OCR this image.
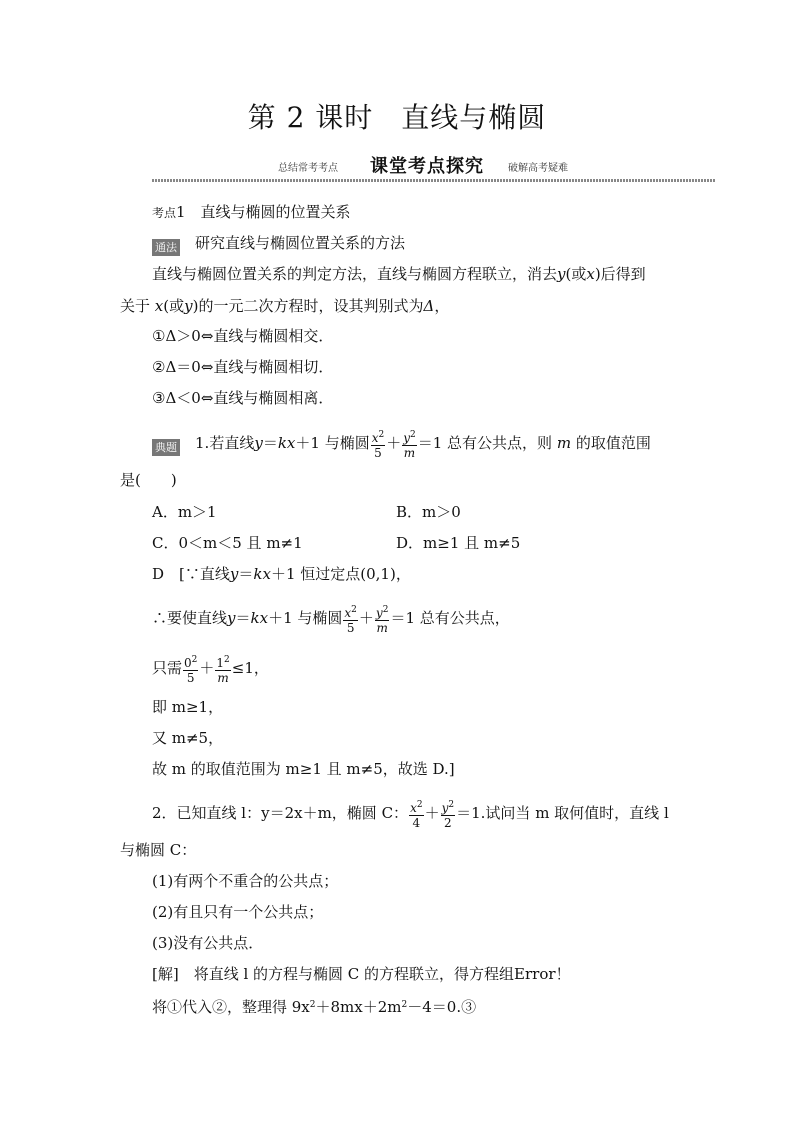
第 2 课时 直线与椭圆
总结常考考点 课堂考点探究 破解高考疑难
考点1　直线与椭圆的位置关系
通法　 研究直线与椭圆位置关系的方法
直线与椭圆位置关系的判定方法，直线与椭圆方程联立，消去y(或x)后得到
关于 x(或y)的一元二次方程时，设其判别式为Δ，
①Δ＞0⇔直线与椭圆相交．
②Δ＝0⇔直线与椭圆相切．
③Δ＜0⇔直线与椭圆相离．
典题　 1.若直线y＝kx＋1 与椭圆 $\frac{x^2}{5} + \frac{y^2}{m} =1$ 总有公共点，则 m 的取值范围
是(　　)
A．m＞1	B．m＞0
C．0＜m＜5 且 m≠1	D．m≥1 且 m≠5
D　[∵直线y＝kx＋1 恒过定点(0,1)，
∴要使直线y＝kx＋1 与椭圆 $\frac{x^2}{5} + \frac{y^2}{m} =1$ 总有公共点，
只需 $\frac{0^2}{5} + \frac{1^2}{m} \le 1$，
即 m≥1，
又 m≠5，
故 m 的取值范围为 m≥1 且 m≠5，故选 D.]
2．已知直线 l：y＝2x＋m，椭圆 C： $\frac{x^2}{4} + \frac{y^2}{2} =1$.试问当 m 取何值时，直线 l
与椭圆 C：
(1)有两个不重合的公共点；
(2)有且只有一个公共点；
(3)没有公共点．
[解]　将直线 l 的方程与椭圆 C 的方程联立，得方程组Error！
将①代入②，整理得 $9x^2+8mx+2m^2-4=0.③$
